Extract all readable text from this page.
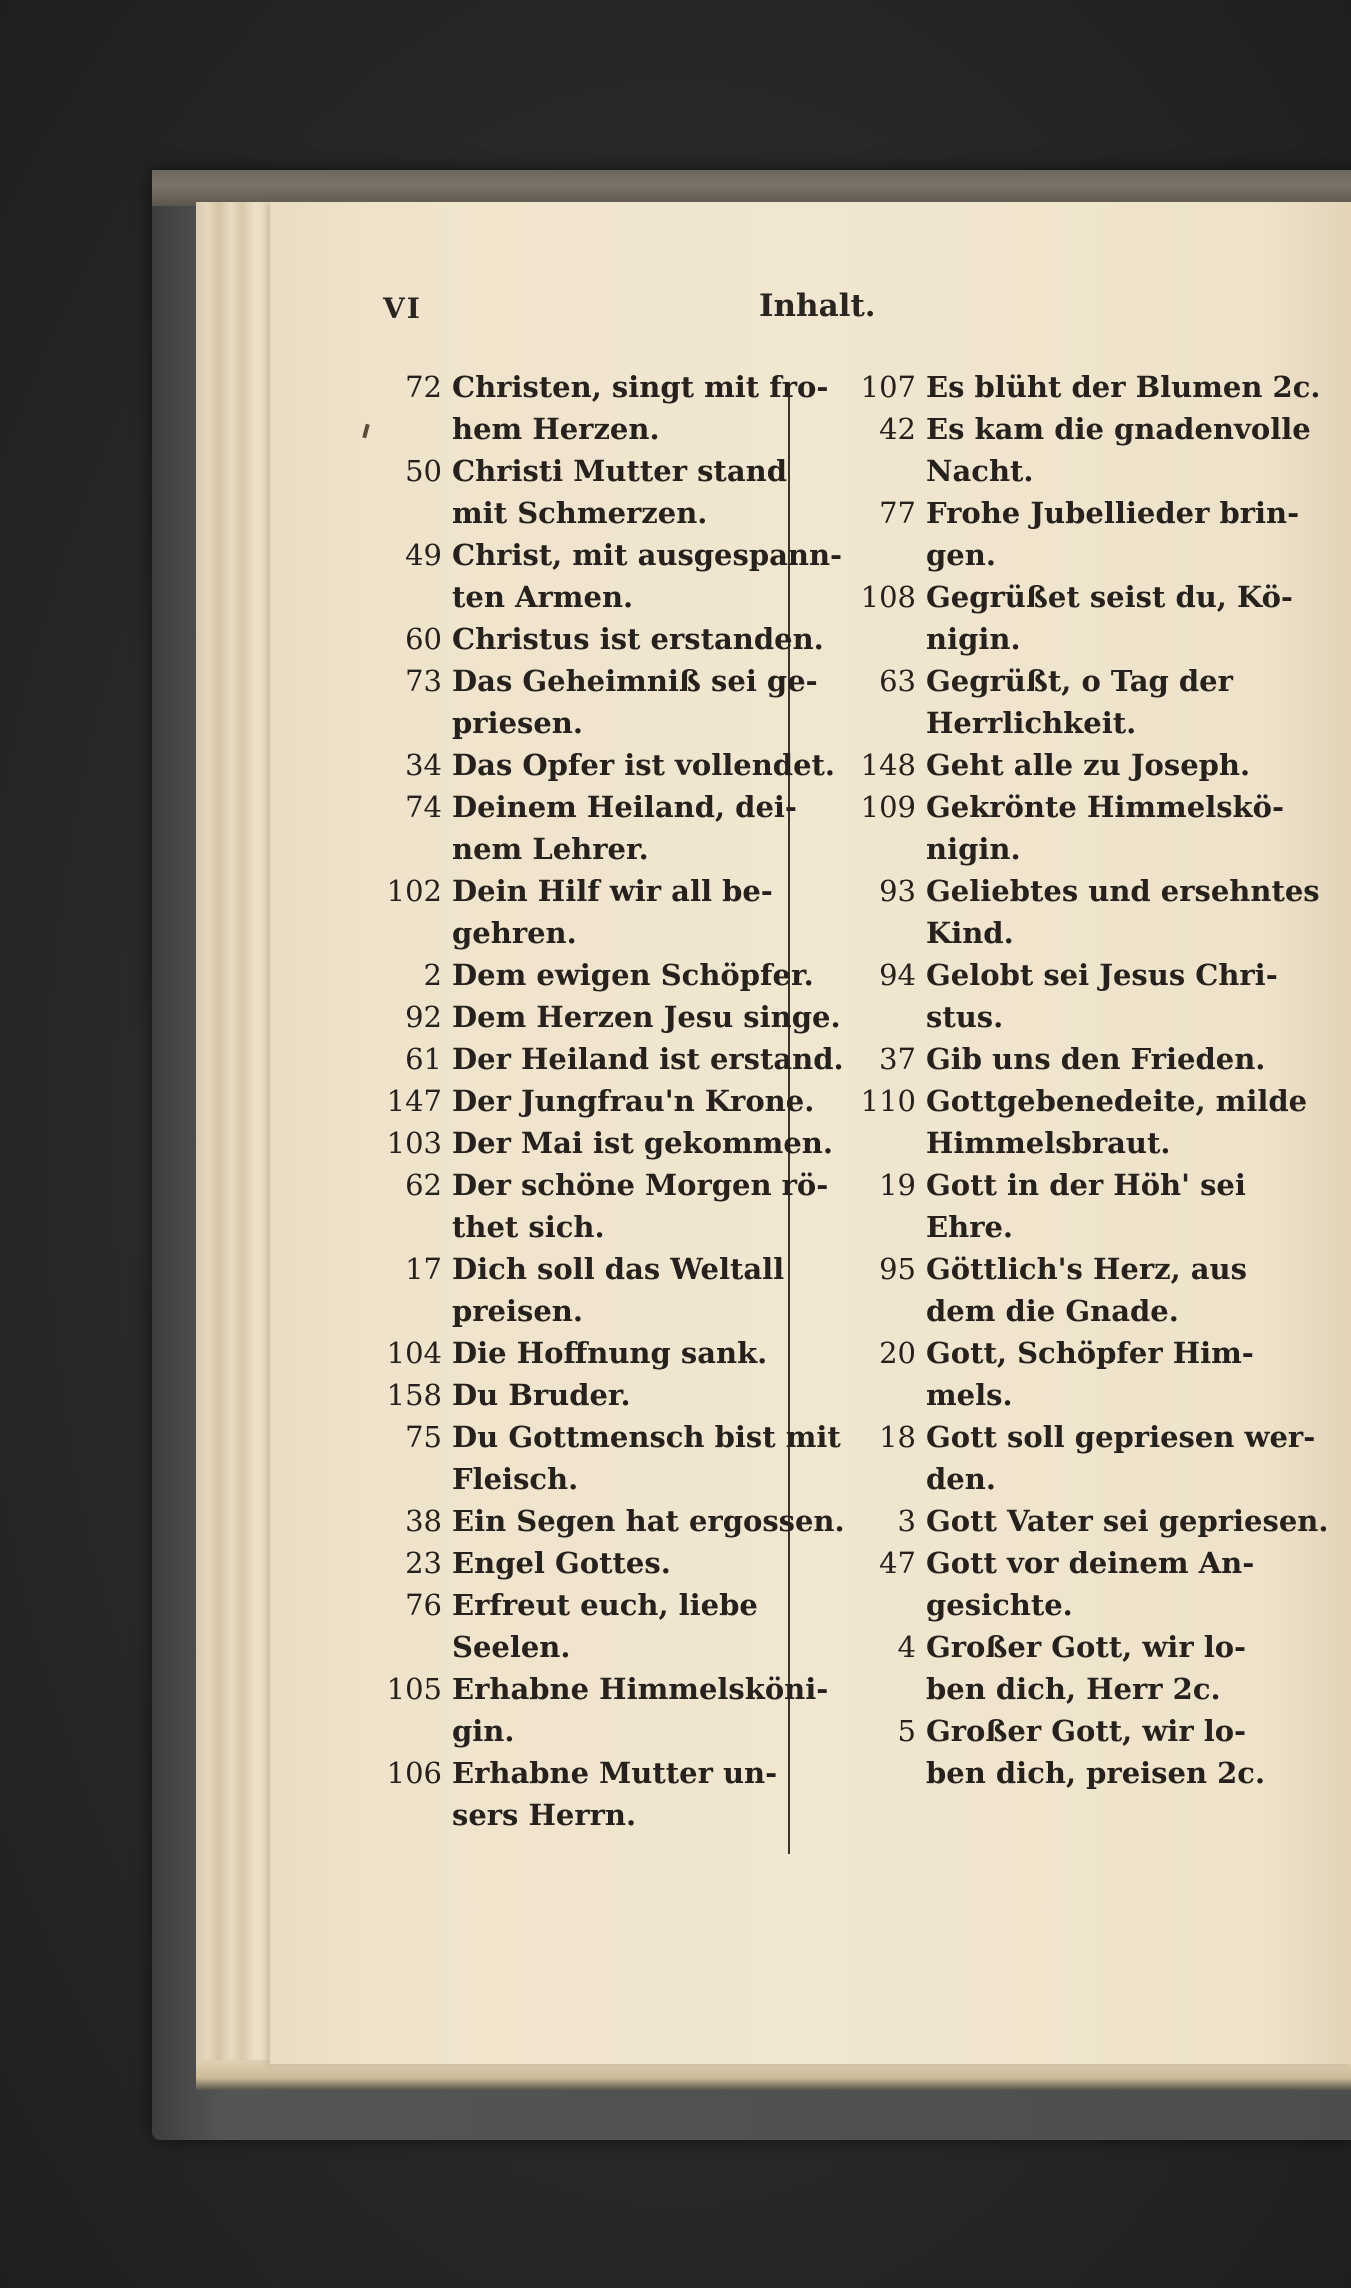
VI	Inhalt.
72 Christen, singt mit fro-
hem Herzen.
50 Christi Mutter stand
mit Schmerzen.
49 Christ, mit ausgespann-
ten Armen.
60 Christus ist erstanden.
73 Das Geheimniß sei ge-
priesen.
34 Das Opfer ist vollendet.
74 Deinem Heiland, dei-
nem Lehrer.
102 Dein Hilf wir all be-
gehren.
2 Dem ewigen Schöpfer.
92 Dem Herzen Jesu singe.
61 Der Heiland ist erstand.
147 Der Jungfrau'n Krone.
103 Der Mai ist gekommen.
62 Der schöne Morgen rö-
thet sich.
17 Dich soll das Weltall
preisen.
104 Die Hoffnung sank.
158 Du Bruder.
75 Du Gottmensch bist mit
Fleisch.
38 Ein Segen hat ergossen.
23 Engel Gottes.
76 Erfreut euch, liebe
Seelen.
105 Erhabne Himmelsköni-
gin.
106 Erhabne Mutter un-
sers Herrn.
107 Es blüht der Blumen 2c.
42 Es kam die gnadenvolle
Nacht.
77 Frohe Jubellieder brin-
gen.
108 Gegrüßet seist du, Kö-
nigin.
63 Gegrüßt, o Tag der
Herrlichkeit.
148 Geht alle zu Joseph.
109 Gekrönte Himmelskö-
nigin.
93 Geliebtes und ersehntes
Kind.
94 Gelobt sei Jesus Chri-
stus.
37 Gib uns den Frieden.
110 Gottgebenedeite, milde
Himmelsbraut.
19 Gott in der Höh' sei
Ehre.
95 Göttlich's Herz, aus
dem die Gnade.
20 Gott, Schöpfer Him-
mels.
18 Gott soll gepriesen wer-
den.
3 Gott Vater sei gepriesen.
47 Gott vor deinem An-
gesichte.
4 Großer Gott, wir lo-
ben dich, Herr 2c.
5 Großer Gott, wir lo-
ben dich, preisen 2c.
